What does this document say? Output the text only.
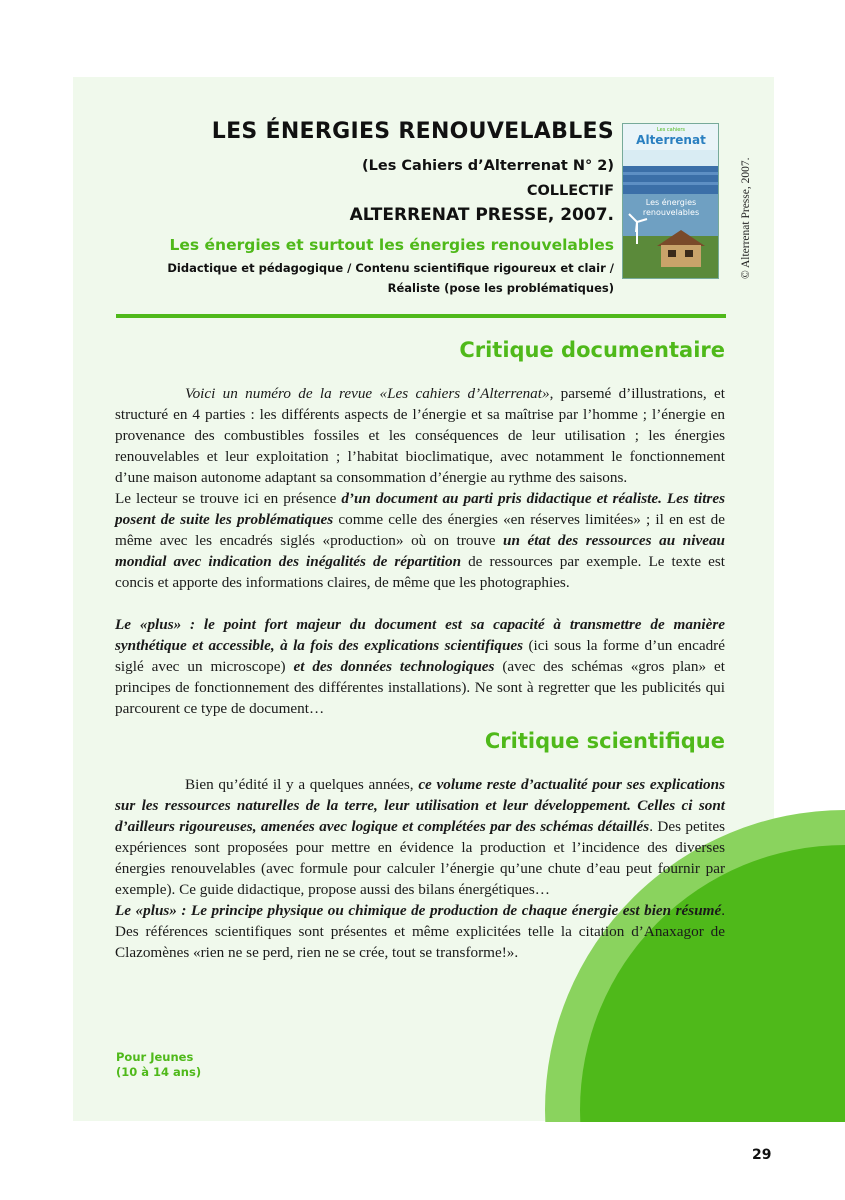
LES ÉNERGIES RENOUVELABLES
(Les Cahiers d’Alterrenat N° 2)
COLLECTIF
ALTERRENAT PRESSE, 2007.
Les énergies et surtout les énergies renouvelables
Didactique et pédagogique / Contenu scientifique rigoureux et clair /
Réaliste (pose les problématiques)
Les cahiers
Alterrenat
Les énergies
renouvelables	© Alterrenat Presse, 2007.
Critique documentaire

Voici un numéro de la revue «Les cahiers d’Alterrenat», parsemé d’illustrations, et structuré en 4 parties : les différents aspects de l’énergie et sa maîtrise par l’homme ; l’énergie en provenance des combustibles fossiles et les conséquences de leur utilisation ; les énergies renouvelables et leur exploitation ; l’habitat bioclimatique, avec notamment le fonctionnement d’une maison autonome adaptant sa consommation d’énergie au rythme des saisons.

Le lecteur se trouve ici en présence d’un document au parti pris didactique et réaliste. Les titres posent de suite les problématiques comme celle des énergies «en réserves limitées» ; il en est de même avec les encadrés siglés «production» où on trouve un état des ressources au niveau mondial avec indication des inégalités de répartition de ressources par exemple. Le texte est concis et apporte des informations claires, de même que les photographies.

Le «plus» : le point fort majeur du document est sa capacité à transmettre de manière synthétique et accessible, à la fois des explications scientifiques (ici sous la forme d’un encadré siglé avec un microscope) et des données technologiques (avec des schémas «gros plan» et principes de fonctionnement des différentes installations). Ne sont à regretter que les publicités qui parcourent ce type de document…

Critique scientifique

Bien qu’édité il y a quelques années, ce volume reste d’actualité pour ses explications sur les ressources naturelles de la terre, leur utilisation et leur développement. Celles ci sont d’ailleurs rigoureuses, amenées avec logique et complétées par des schémas détaillés. Des petites expériences sont proposées pour mettre en évidence la production et l’incidence des diverses énergies renouvelables (avec formule pour calculer l’énergie qu’une chute d’eau peut fournir par exemple). Ce guide didactique, propose aussi des bilans énergétiques…

Le «plus» : Le principe physique ou chimique de production de chaque énergie est bien résumé. Des références scientifiques sont présentes et même explicitées telle la citation d’Anaxagor de Clazomènes «rien ne se perd, rien ne se crée, tout se transforme!».

Pour Jeunes
(10 à 14 ans)
29
